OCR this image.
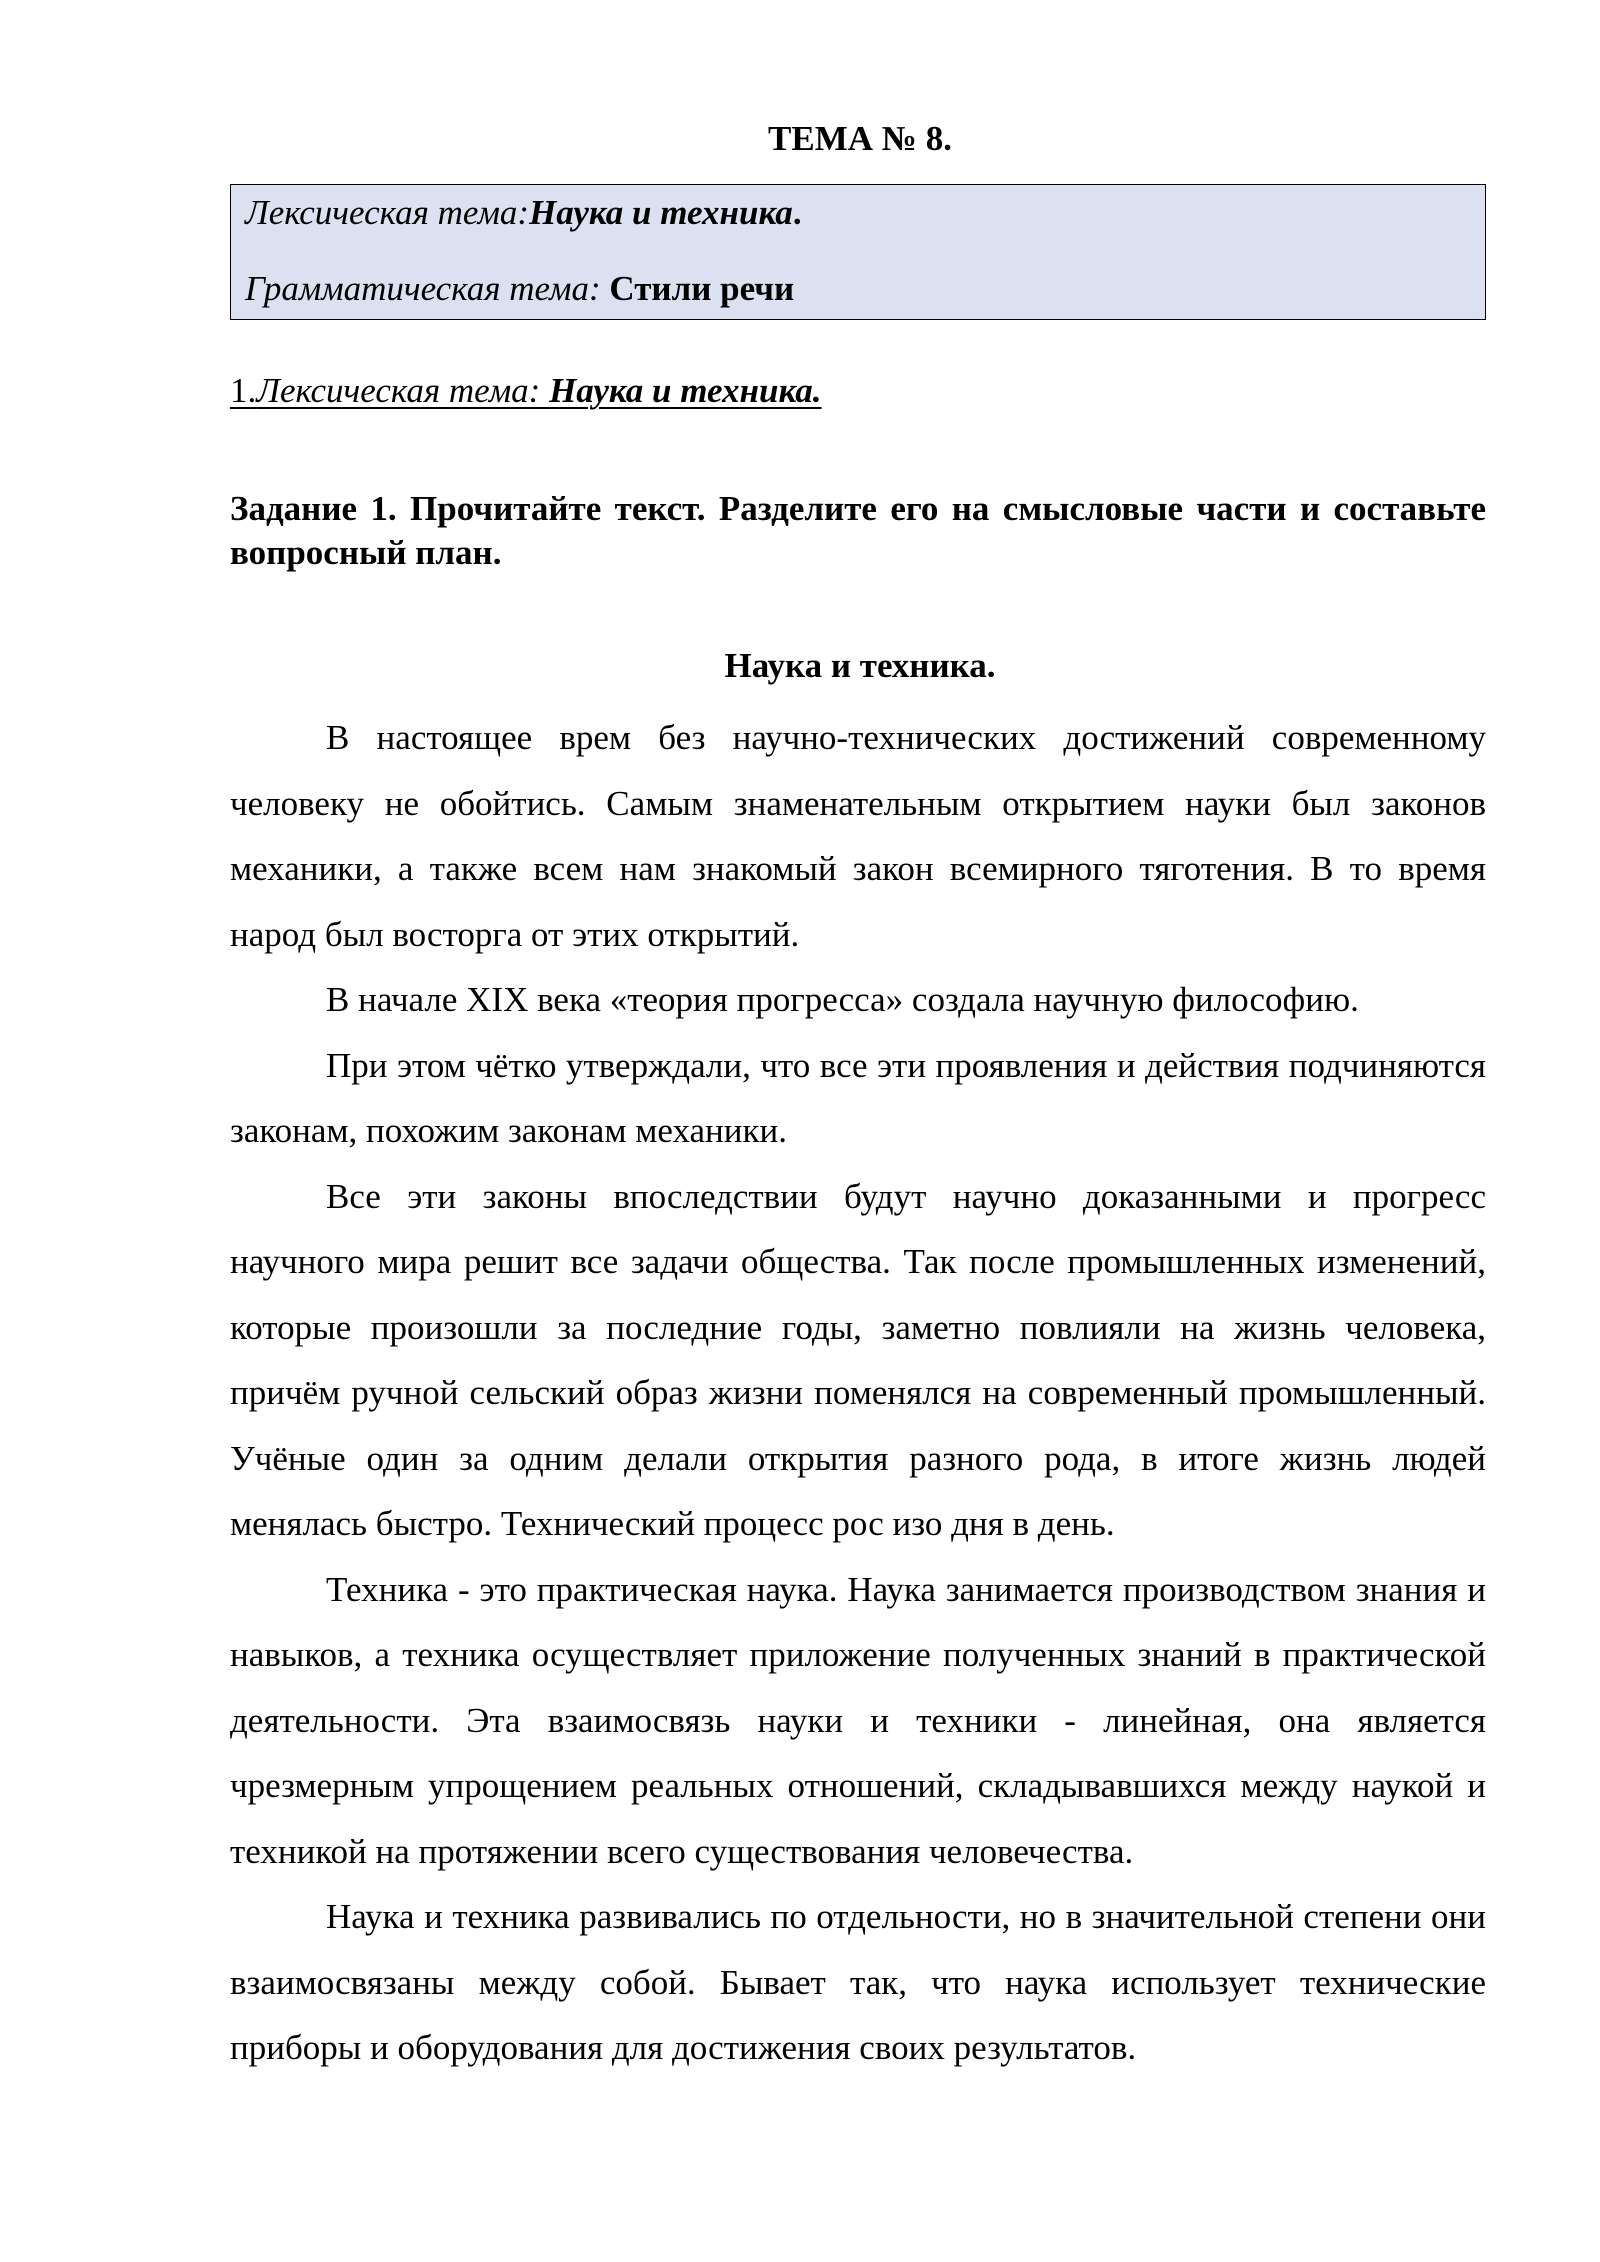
ТЕМА № 8.
Лексическая тема:Наука и техника.
Грамматическая тема: Стили речи
1.Лексическая тема: Наука и техника.
Задание 1. Прочитайте текст. Разделите его на смысловые части и составьте вопросный план.
Наука и техника.

В настоящее врем без научно-технических достижений современному человеку не обойтись. Самым знаменательным открытием науки был законов механики, а также всем нам знакомый закон всемирного тяготения. В то время народ был восторга от этих открытий.

В начале XIX века «теория прогресса» создала научную философию.

При этом чётко утверждали, что все эти проявления и действия подчиняются законам, похожим законам механики.

Все эти законы впоследствии будут научно доказанными и прогресс научного мира решит все задачи общества. Так после промышленных изменений, которые произошли за последние годы, заметно повлияли на жизнь человека, причём ручной сельский образ жизни поменялся на современный промышленный. Учёные один за одним делали открытия разного рода, в итоге жизнь людей менялась быстро. Технический процесс рос изо дня в день.

Техника - это практическая наука. Наука занимается производством знания и навыков, а техника осуществляет приложение полученных знаний в практической деятельности. Эта взаимосвязь науки и техники - линейная, она является чрезмерным упрощением реальных отношений, складывавшихся между наукой и техникой на протяжении всего существования человечества.

Наука и техника развивались по отдельности, но в значительной степени они взаимосвязаны между собой. Бывает так, что наука использует технические приборы и оборудования для достижения своих результатов.
